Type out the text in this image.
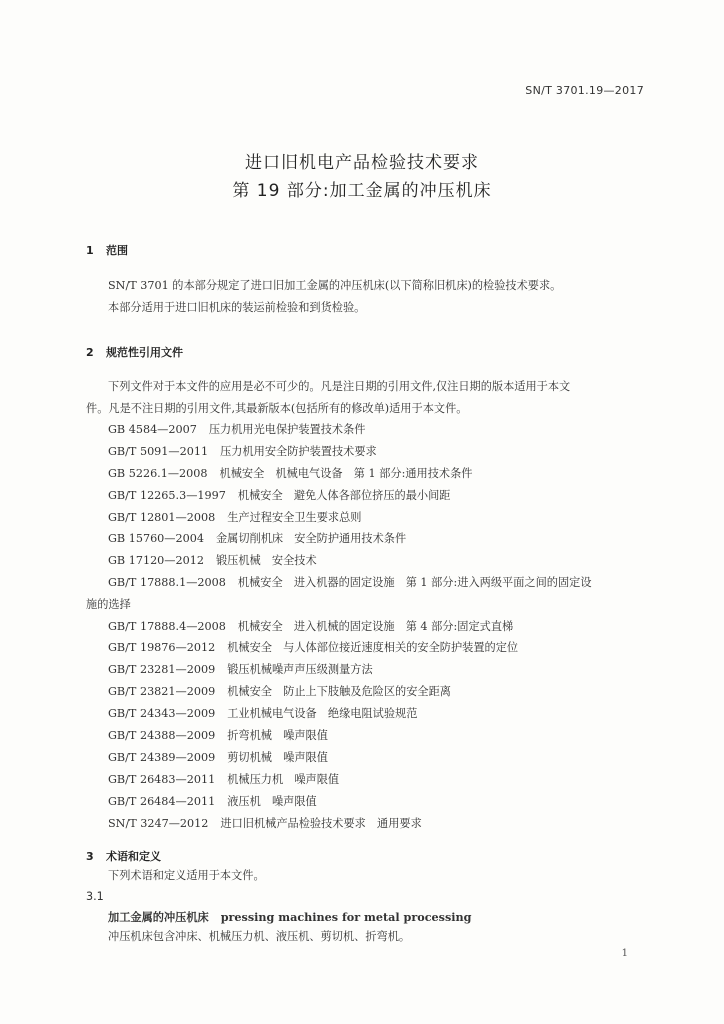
SN/T 3701.19—2017
进口旧机电产品检验技术要求
第 19 部分:加工金属的冲压机床
1 范围
SN/T 3701 的本部分规定了进口旧加工金属的冲压机床(以下简称旧机床)的检验技术要求。
本部分适用于进口旧机床的装运前检验和到货检验。
2 规范性引用文件
下列文件对于本文件的应用是必不可少的。凡是注日期的引用文件,仅注日期的版本适用于本文
件。凡是不注日期的引用文件,其最新版本(包括所有的修改单)适用于本文件。
GB 4584—2007 压力机用光电保护装置技术条件
GB/T 5091—2011 压力机用安全防护装置技术要求
GB 5226.1—2008 机械安全　机械电气设备　第 1 部分:通用技术条件
GB/T 12265.3—1997 机械安全　避免人体各部位挤压的最小间距
GB/T 12801—2008 生产过程安全卫生要求总则
GB 15760—2004 金属切削机床　安全防护通用技术条件
GB 17120—2012 锻压机械　安全技术
GB/T 17888.1—2008 机械安全　进入机器的固定设施　第 1 部分:进入两级平面之间的固定设
施的选择
GB/T 17888.4—2008 机械安全　进入机械的固定设施　第 4 部分:固定式直梯
GB/T 19876—2012 机械安全　与人体部位接近速度相关的安全防护装置的定位
GB/T 23281—2009 锻压机械噪声声压级测量方法
GB/T 23821—2009 机械安全　防止上下肢触及危险区的安全距离
GB/T 24343—2009 工业机械电气设备　绝缘电阻试验规范
GB/T 24388—2009 折弯机械　噪声限值
GB/T 24389—2009 剪切机械　噪声限值
GB/T 26483—2011 机械压力机　噪声限值
GB/T 26484—2011 液压机　噪声限值
SN/T 3247—2012 进口旧机械产品检验技术要求　通用要求
3 术语和定义
下列术语和定义适用于本文件。
3.1
加工金属的冲压机床 pressing machines for metal processing
冲压机床包含冲床、机械压力机、液压机、剪切机、折弯机。
1
